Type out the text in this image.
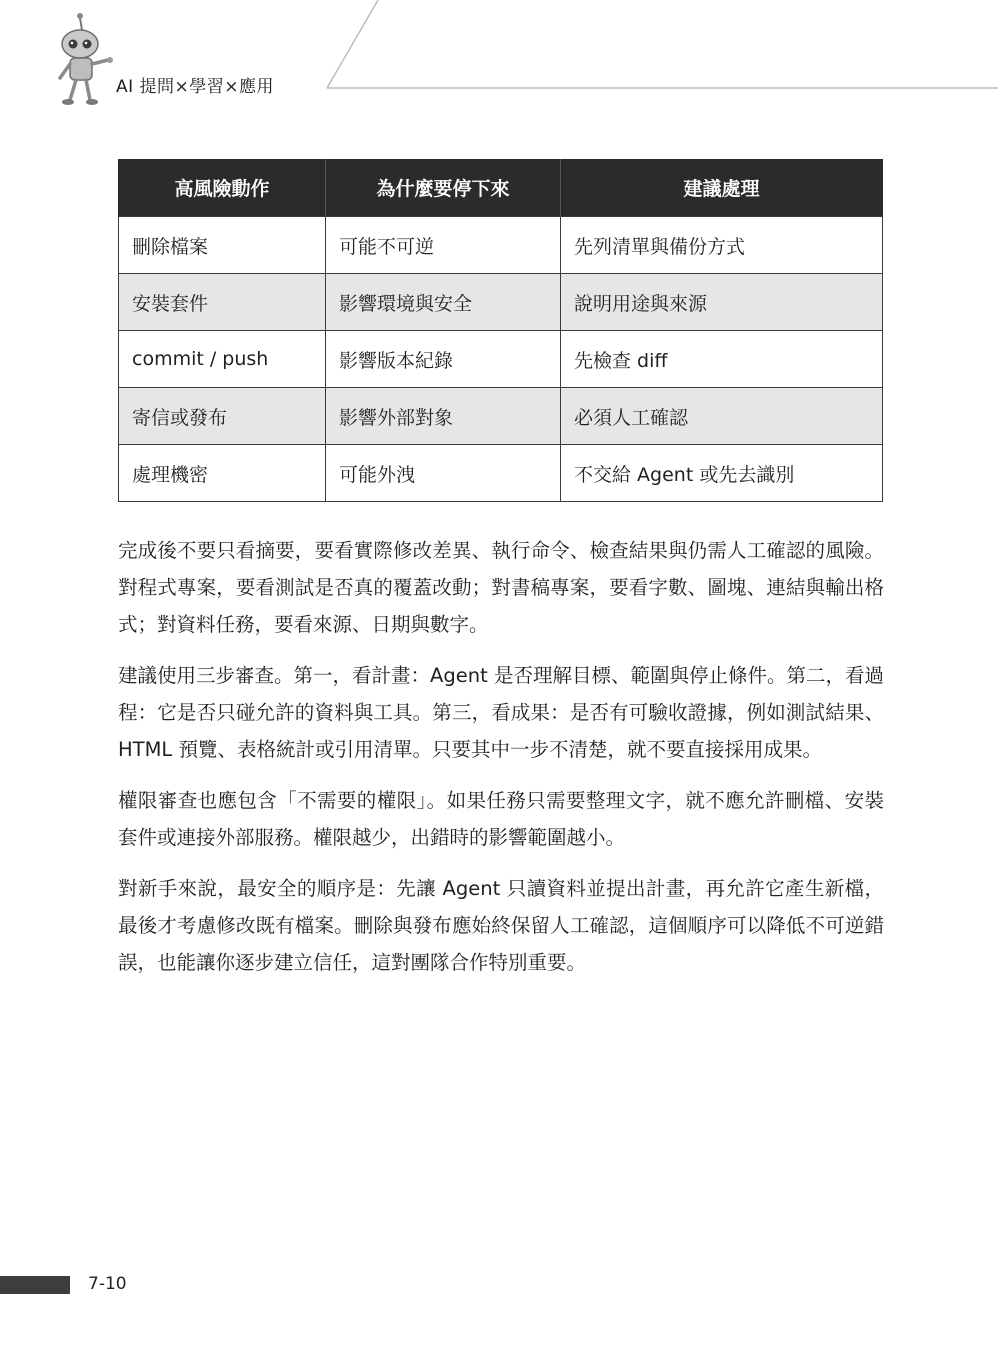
AI 提問×學習×應用
高風險動作	為什麼要停下來	建議處理
刪除檔案	可能不可逆	先列清單與備份方式
安裝套件	影響環境與安全	說明用途與來源
commit / push	影響版本紀錄	先檢查 diff
寄信或發布	影響外部對象	必須人工確認
處理機密	可能外洩	不交給 Agent 或先去識別

完成後不要只看摘要，要看實際修改差異、執行命令、檢查結果與仍需人工確認的風險。對程式專案，要看測試是否真的覆蓋改動；對書稿專案，要看字數、圖塊、連結與輸出格式；對資料任務，要看來源、日期與數字。

建議使用三步審查。第一，看計畫：Agent 是否理解目標、範圍與停止條件。第二，看過程：它是否只碰允許的資料與工具。第三，看成果：是否有可驗收證據，例如測試結果、HTML 預覽、表格統計或引用清單。只要其中一步不清楚，就不要直接採用成果。

權限審查也應包含「不需要的權限」。如果任務只需要整理文字，就不應允許刪檔、安裝套件或連接外部服務。權限越少，出錯時的影響範圍越小。

對新手來說，最安全的順序是：先讓 Agent 只讀資料並提出計畫，再允許它產生新檔，最後才考慮修改既有檔案。刪除與發布應始終保留人工確認，這個順序可以降低不可逆錯誤，也能讓你逐步建立信任，這對團隊合作特別重要。

7-10
